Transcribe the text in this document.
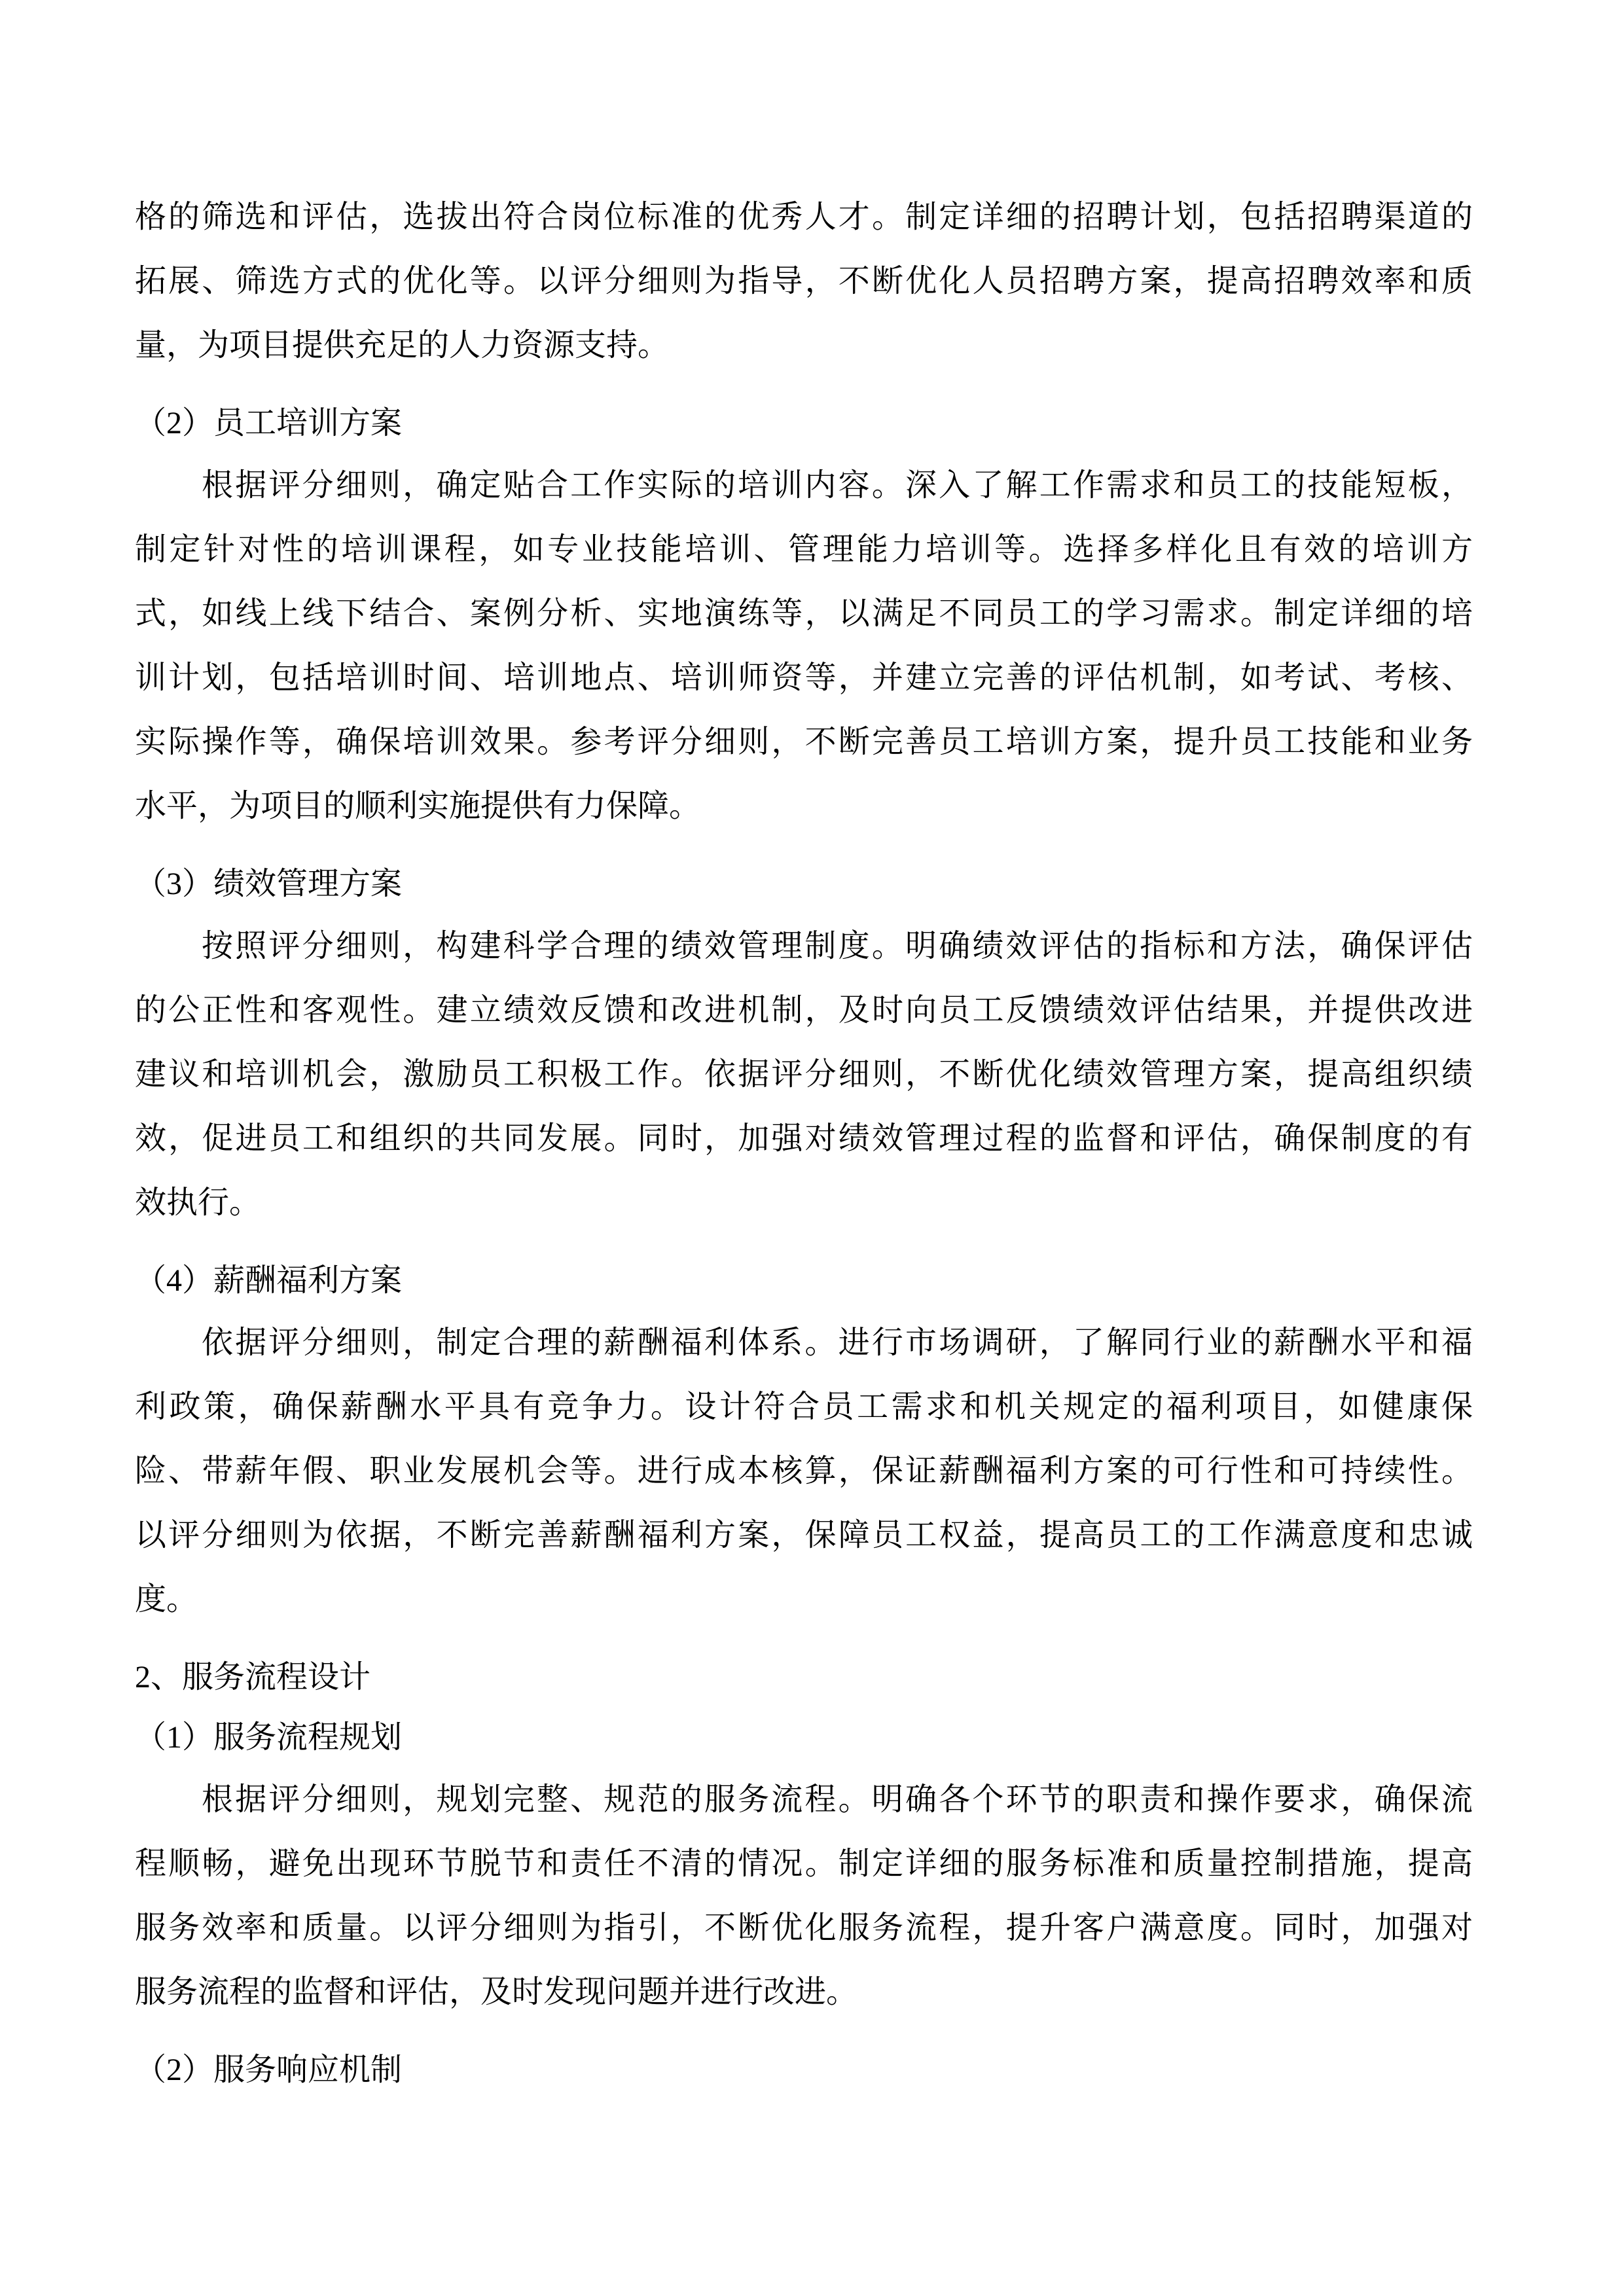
格的筛选和评估，选拔出符合岗位标准的优秀人才。制定详细的招聘计划，包括招聘渠道的
拓展、筛选方式的优化等。以评分细则为指导，不断优化人员招聘方案，提高招聘效率和质
量，为项目提供充足的人力资源支持。
（2）员工培训方案
根据评分细则，确定贴合工作实际的培训内容。深入了解工作需求和员工的技能短板，
制定针对性的培训课程，如专业技能培训、管理能力培训等。选择多样化且有效的培训方
式，如线上线下结合、案例分析、实地演练等，以满足不同员工的学习需求。制定详细的培
训计划，包括培训时间、培训地点、培训师资等，并建立完善的评估机制，如考试、考核、
实际操作等，确保培训效果。参考评分细则，不断完善员工培训方案，提升员工技能和业务
水平，为项目的顺利实施提供有力保障。
（3）绩效管理方案
按照评分细则，构建科学合理的绩效管理制度。明确绩效评估的指标和方法，确保评估
的公正性和客观性。建立绩效反馈和改进机制，及时向员工反馈绩效评估结果，并提供改进
建议和培训机会，激励员工积极工作。依据评分细则，不断优化绩效管理方案，提高组织绩
效，促进员工和组织的共同发展。同时，加强对绩效管理过程的监督和评估，确保制度的有
效执行。
（4）薪酬福利方案
依据评分细则，制定合理的薪酬福利体系。进行市场调研，了解同行业的薪酬水平和福
利政策，确保薪酬水平具有竞争力。设计符合员工需求和机关规定的福利项目，如健康保
险、带薪年假、职业发展机会等。进行成本核算，保证薪酬福利方案的可行性和可持续性。
以评分细则为依据，不断完善薪酬福利方案，保障员工权益，提高员工的工作满意度和忠诚
度。
2、服务流程设计
（1）服务流程规划
根据评分细则，规划完整、规范的服务流程。明确各个环节的职责和操作要求，确保流
程顺畅，避免出现环节脱节和责任不清的情况。制定详细的服务标准和质量控制措施，提高
服务效率和质量。以评分细则为指引，不断优化服务流程，提升客户满意度。同时，加强对
服务流程的监督和评估，及时发现问题并进行改进。
（2）服务响应机制
